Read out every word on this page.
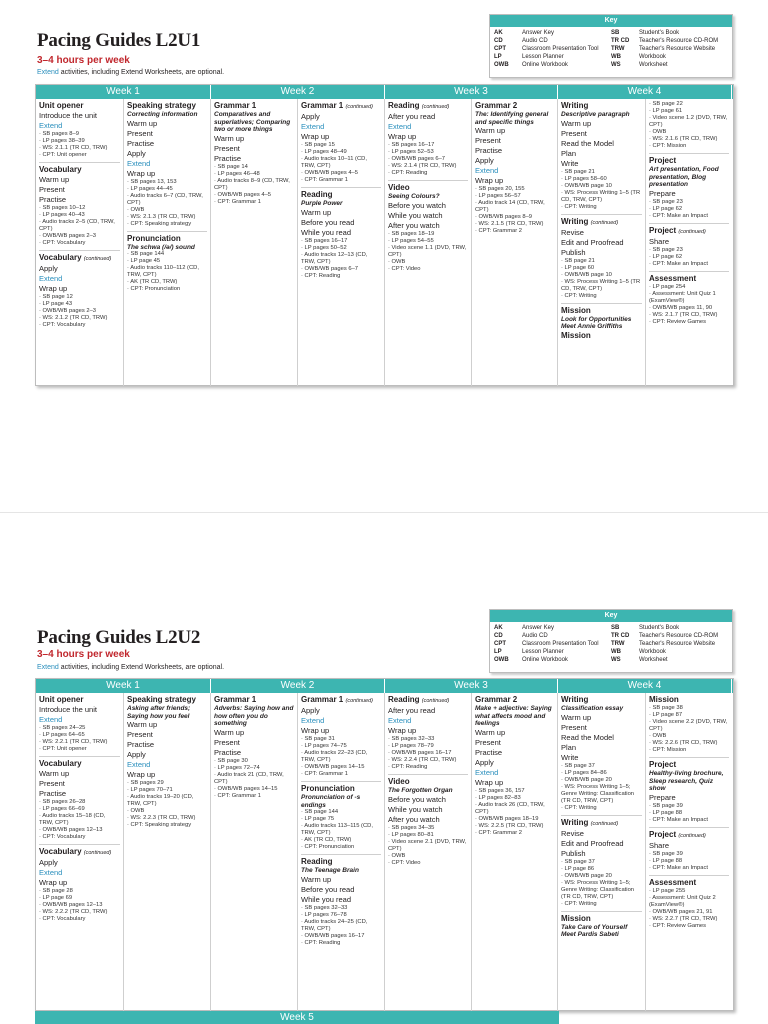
Pacing Guides L2U1
3–4 hours per week
Extend activities, including Extend Worksheets, are optional.
Key
AK	Answer Key
CD	Audio CD
CPT	Classroom Presentation Tool
LP	Lesson Planner
OWB	Online Workbook
SB	Student's Book
TR CD	Teacher's Resource CD-ROM
TRW	Teacher's Resource Website
WB	Workbook
WS	Worksheet
Week 1	Week 2	Week 3	Week 4
Unit opener
Introduce the unit
Extend
· SB pages 8–9
· LP pages 38–39
· WS: 2.1.1 (TR CD, TRW)
· CPT: Unit opener
Vocabulary
Warm up
Present
Practise
· SB pages 10–12
· LP pages 40–43
· Audio tracks 2–5 (CD, TRW, CPT)
· OWB/WB pages 2–3
· CPT: Vocabulary
Vocabulary (continued)
Apply
Extend
Wrap up
· SB page 12
· LP page 43
· OWB/WB pages 2–3
· WS: 2.1.2 (TR CD, TRW)
· CPT: Vocabulary
Speaking strategy
Correcting information
Warm up
Present
Practise
Apply
Extend
Wrap up
· SB pages 13, 153
· LP pages 44–45
· Audio tracks 6–7 (CD, TRW, CPT)
· OWB
· WS: 2.1.3 (TR CD, TRW)
· CPT: Speaking strategy
Pronunciation
The schwa (/ə/) sound
· SB page 144
· LP page 45
· Audio tracks 110–112 (CD, TRW, CPT)
· AK (TR CD, TRW)
· CPT: Pronunciation
Grammar 1
Comparatives and superlatives; Comparing two or more things
Warm up
Present
Practise
· SB page 14
· LP pages 46–48
· Audio tracks 8–9 (CD, TRW, CPT)
· OWB/WB pages 4–5
· CPT: Grammar 1
Grammar 1 (continued)
Apply
Extend
Wrap up
· SB page 15
· LP pages 48–49
· Audio tracks 10–11 (CD, TRW, CPT)
· OWB/WB pages 4–5
· CPT: Grammar 1
Reading
Purple Power
Warm up
Before you read
While you read
· SB pages 16–17
· LP pages 50–52
· Audio tracks 12–13 (CD, TRW, CPT)
· OWB/WB pages 6–7
· CPT: Reading
Reading (continued)
After you read
Extend
Wrap up
· SB pages 16–17
· LP pages 52–53
· OWB/WB pages 6–7
· WS: 2.1.4 (TR CD, TRW)
· CPT: Reading
Video
Seeing Colours?
Before you watch
While you watch
After you watch
· SB pages 18–19
· LP pages 54–55
· Video scene 1.1 (DVD, TRW, CPT)
· OWB
· CPT: Video
Grammar 2
The: Identifying general and specific things
Warm up
Present
Practise
Apply
Extend
Wrap up
· SB pages 20, 155
· LP pages 56–57
· Audio track 14 (CD, TRW, CPT)
· OWB/WB pages 8–9
· WS: 2.1.5 (TR CD, TRW)
· CPT: Grammar 2
Writing
Descriptive paragraph
Warm up
Present
Read the Model
Plan
Write
· SB page 21
· LP pages 58–60
· OWB/WB page 10
· WS: Process Writing 1–5 (TR CD, TRW, CPT)
· CPT: Writing
Writing (continued)
Revise
Edit and Proofread
Publish
· SB page 21
· LP page 60
· OWB/WB page 10
· WS: Process Writing 1–5 (TR CD, TRW, CPT)
· CPT: Writing
Mission
Look for Opportunities
Meet Annie Griffiths
Mission
· SB page 22
· LP page 61
· Video scene 1.2 (DVD, TRW, CPT)
· OWB
· WS: 2.1.6 (TR CD, TRW)
· CPT: Mission
Project
Art presentation, Food presentation, Blog presentation
Prepare
· SB page 23
· LP page 62
· CPT: Make an Impact
Project (continued)
Share
· SB page 23
· LP page 62
· CPT: Make an Impact
Assessment
· LP page 254
· Assessment: Unit Quiz 1 (ExamView®)
· OWB/WB pages 11, 90
· WS: 2.1.7 (TR CD, TRW)
· CPT: Review Games
Pacing Guides L2U2
3–4 hours per week
Extend activities, including Extend Worksheets, are optional.
Key
AK	Answer Key
CD	Audio CD
CPT	Classroom Presentation Tool
LP	Lesson Planner
OWB	Online Workbook
SB	Student's Book
TR CD	Teacher's Resource CD-ROM
TRW	Teacher's Resource Website
WB	Workbook
WS	Worksheet
Week 1	Week 2	Week 3	Week 4
Unit opener
Introduce the unit
Extend
· SB pages 24–25
· LP pages 64–65
· WS: 2.2.1 (TR CD, TRW)
· CPT: Unit opener
Vocabulary
Warm up
Present
Practise
· SB pages 26–28
· LP pages 66–69
· Audio tracks 15–18 (CD, TRW, CPT)
· OWB/WB pages 12–13
· CPT: Vocabulary
Vocabulary (continued)
Apply
Extend
Wrap up
· SB page 28
· LP page 69
· OWB/WB pages 12–13
· WS: 2.2.2 (TR CD, TRW)
· CPT: Vocabulary
Speaking strategy
Asking after friends; Saying how you feel
Warm up
Present
Practise
Apply
Extend
Wrap up
· SB pages 29
· LP pages 70–71
· Audio tracks 19–20 (CD, TRW, CPT)
· OWB
· WS: 2.2.3 (TR CD, TRW)
· CPT: Speaking strategy
Grammar 1
Adverbs: Saying how and how often you do something
Warm up
Present
Practise
· SB page 30
· LP pages 72–74
· Audio track 21 (CD, TRW, CPT)
· OWB/WB pages 14–15
· CPT: Grammar 1
Grammar 1 (continued)
Apply
Extend
Wrap up
· SB page 31
· LP pages 74–75
· Audio tracks 22–23 (CD, TRW, CPT)
· OWB/WB pages 14–15
· CPT: Grammar 1
Pronunciation
Pronunciation of -s endings
· SB page 144
· LP page 75
· Audio tracks 113–115 (CD, TRW, CPT)
· AK (TR CD, TRW)
· CPT: Pronunciation
Reading
The Teenage Brain
Warm up
Before you read
While you read
· SB pages 32–33
· LP pages 76–78
· Audio tracks 24–25 (CD, TRW, CPT)
· OWB/WB pages 16–17
· CPT: Reading
Reading (continued)
After you read
Extend
Wrap up
· SB pages 32–33
· LP pages 78–79
· OWB/WB pages 16–17
· WS: 2.2.4 (TR CD, TRW)
· CPT: Reading
Video
The Forgotten Organ
Before you watch
While you watch
After you watch
· SB pages 34–35
· LP pages 80–81
· Video scene 2.1 (DVD, TRW, CPT)
· OWB
· CPT: Video
Grammar 2
Make + adjective: Saying what affects mood and feelings
Warm up
Present
Practise
Apply
Extend
Wrap up
· SB pages 36, 157
· LP pages 82–83
· Audio track 26 (CD, TRW, CPT)
· OWB/WB pages 18–19
· WS: 2.2.5 (TR CD, TRW)
· CPT: Grammar 2
Writing
Classification essay
Warm up
Present
Read the Model
Plan
Write
· SB page 37
· LP pages 84–86
· OWB/WB page 20
· WS: Process Writing 1–5; Genre Writing: Classification (TR CD, TRW, CPT)
· CPT: Writing
Writing (continued)
Revise
Edit and Proofread
Publish
· SB page 37
· LP page 86
· OWB/WB page 20
· WS: Process Writing 1–5; Genre Writing: Classification (TR CD, TRW, CPT)
· CPT: Writing
Mission
Take Care of Yourself
Meet Pardis Sabeti
Mission
· SB page 38
· LP page 87
· Video scene 2.2 (DVD, TRW, CPT)
· OWB
· WS: 2.2.6 (TR CD, TRW)
· CPT: Mission
Project
Healthy-living brochure, Sleep research, Quiz show
Prepare
· SB page 39
· LP page 88
· CPT: Make an Impact
Project (continued)
Share
· SB page 39
· LP page 88
· CPT: Make an Impact
Assessment
· LP page 255
· Assessment: Unit Quiz 2 (ExamView®)
· OWB/WB pages 21, 91
· WS: 2.2.7 (TR CD, TRW)
· CPT: Review Games
Week 5
